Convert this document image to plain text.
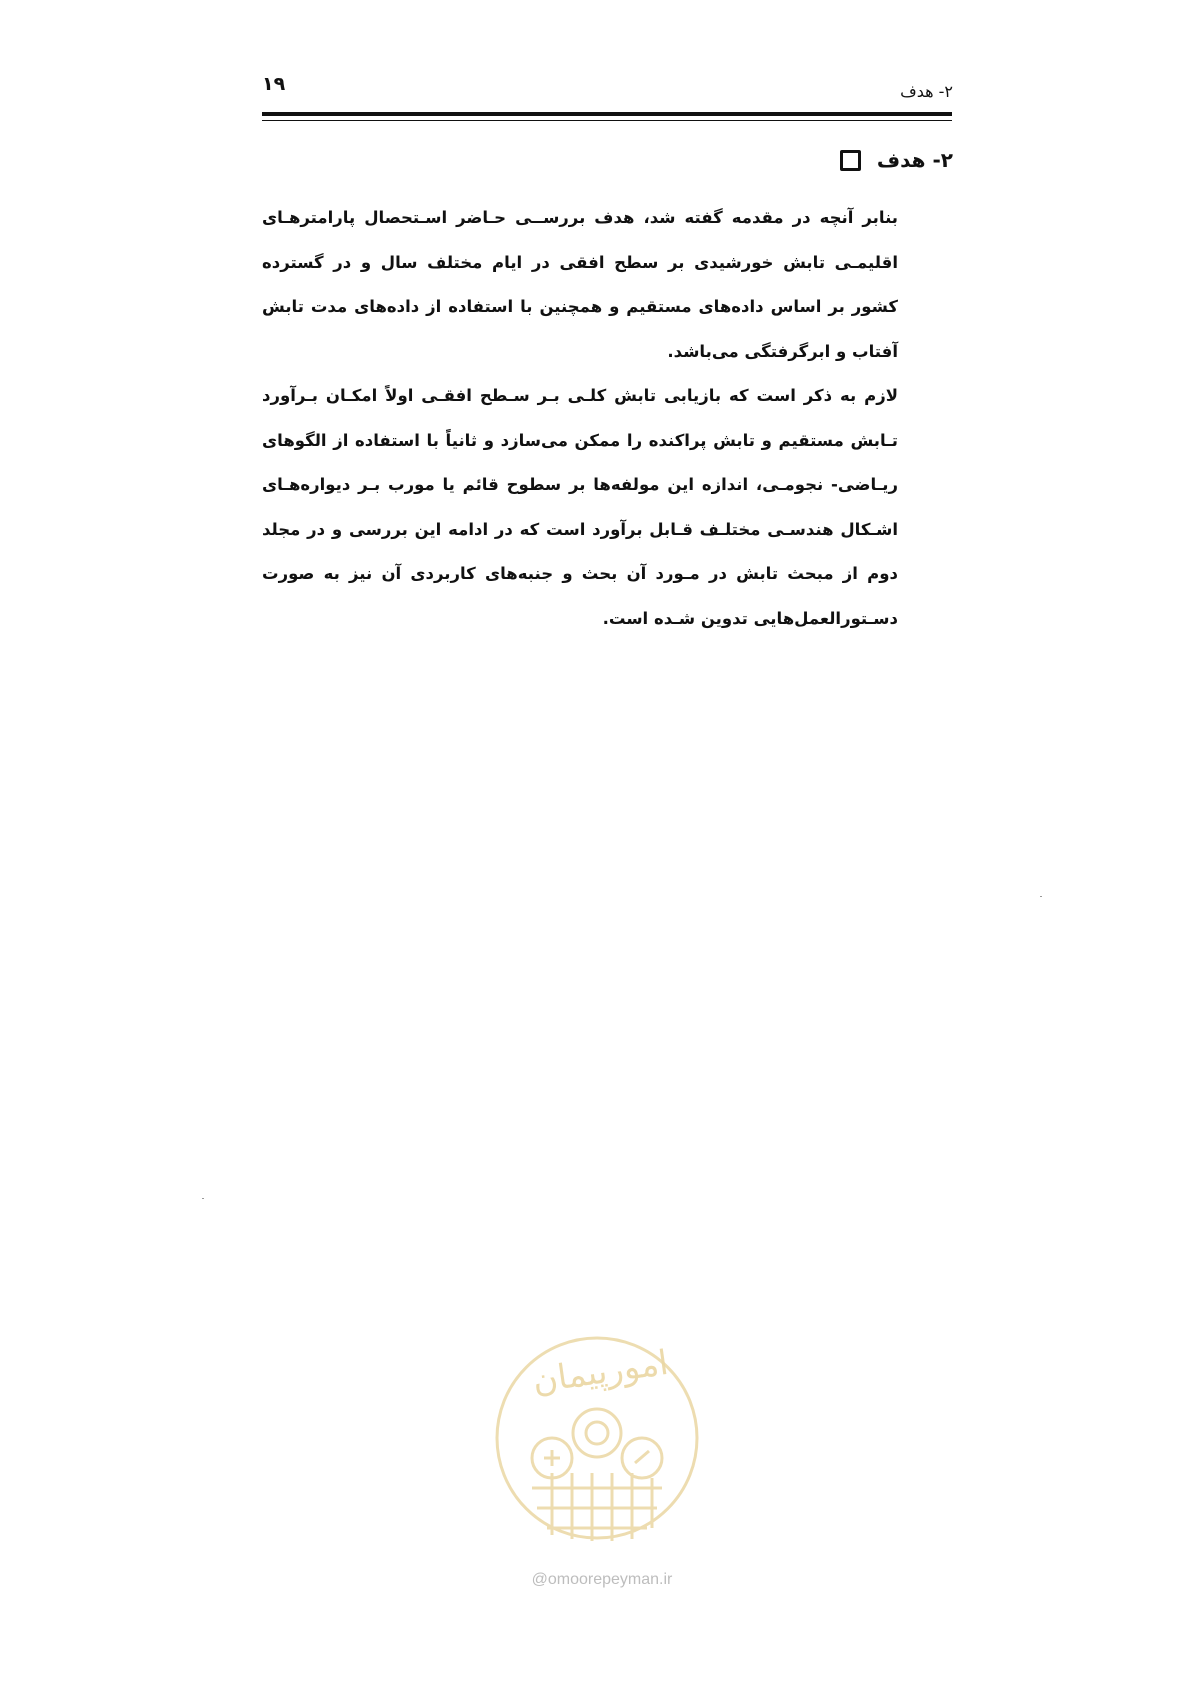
۱۹	۲- هدف
۲- هدف

بنابر آنچه در مقدمه گفته شد، هدف بررســی حـاضر اسـتحصال پارامترهـای اقلیمـی تابش خورشیدی بر سطح افقی در ایام مختلف سال و در گسترده کشور بر اساس داده‌های مستقیم و همچنین با استفاده از داده‌های مدت تابش آفتاب و ابرگرفتگی می‌باشد.

لازم به ذکر است که بازیابی تابش کلـی بـر سـطح افقـی اولاً امکـان بـرآورد تـابش مستقیم و تابش پراکنده را ممکن می‌سازد و ثانیاً با استفاده از الگوهای ریـاضی- نجومـی، اندازه این مولفه‌ها بر سطوح قائم یا مورب بـر دیواره‌هـای اشـکال هندسـی مختلـف قـابل برآورد است که در ادامه این بررسی و در مجلد دوم از مبحث تابش در مـورد آن بحث و جنبه‌های کاربردی آن نیز به صورت دسـتورالعمل‌هایی تدوین شـده است.

امورپیمان
@omoorepeyman.ir
